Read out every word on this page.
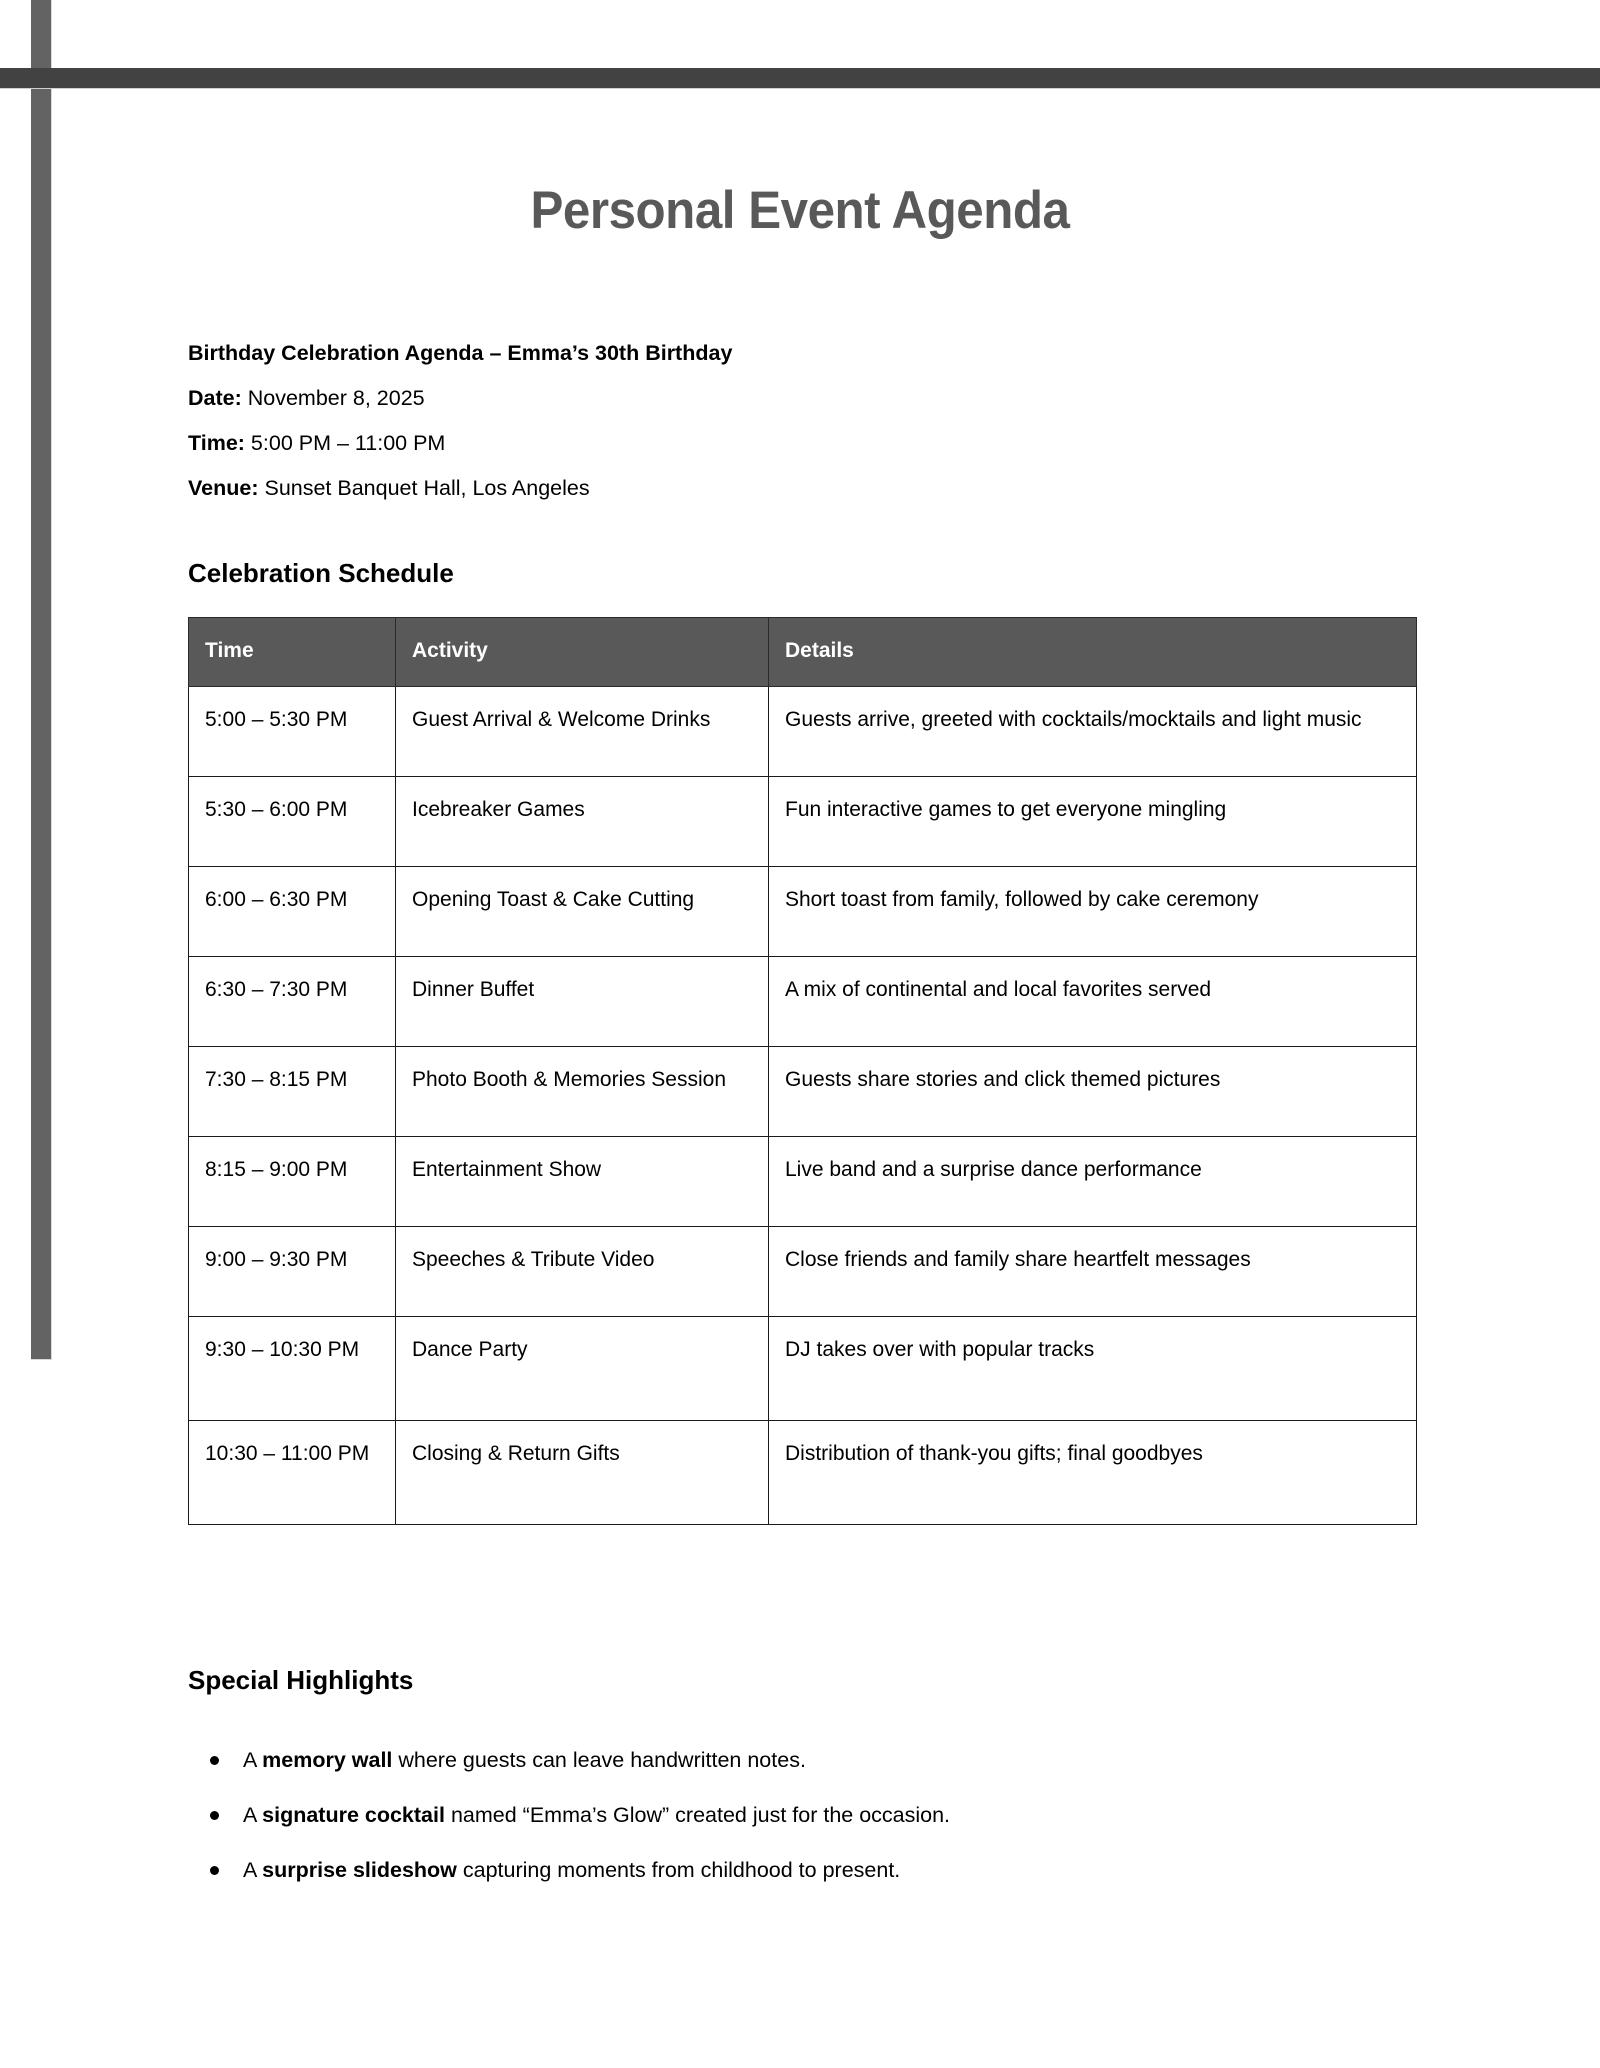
Personal Event Agenda

Birthday Celebration Agenda – Emma’s 30th Birthday

Date: November 8, 2025

Time: 5:00 PM – 11:00 PM

Venue: Sunset Banquet Hall, Los Angeles

Celebration Schedule
Time	Activity	Details
5:00 – 5:30 PM	Guest Arrival & Welcome Drinks	Guests arrive, greeted with cocktails/mocktails and light music
5:30 – 6:00 PM	Icebreaker Games	Fun interactive games to get everyone mingling
6:00 – 6:30 PM	Opening Toast & Cake Cutting	Short toast from family, followed by cake ceremony
6:30 – 7:30 PM	Dinner Buffet	A mix of continental and local favorites served
7:30 – 8:15 PM	Photo Booth & Memories Session	Guests share stories and click themed pictures
8:15 – 9:00 PM	Entertainment Show	Live band and a surprise dance performance
9:00 – 9:30 PM	Speeches & Tribute Video	Close friends and family share heartfelt messages
9:30 – 10:30 PM	Dance Party	DJ takes over with popular tracks
10:30 – 11:00 PM	Closing & Return Gifts	Distribution of thank-you gifts; final goodbyes
Special Highlights
A memory wall where guests can leave handwritten notes.
A signature cocktail named “Emma’s Glow” created just for the occasion.
A surprise slideshow capturing moments from childhood to present.
